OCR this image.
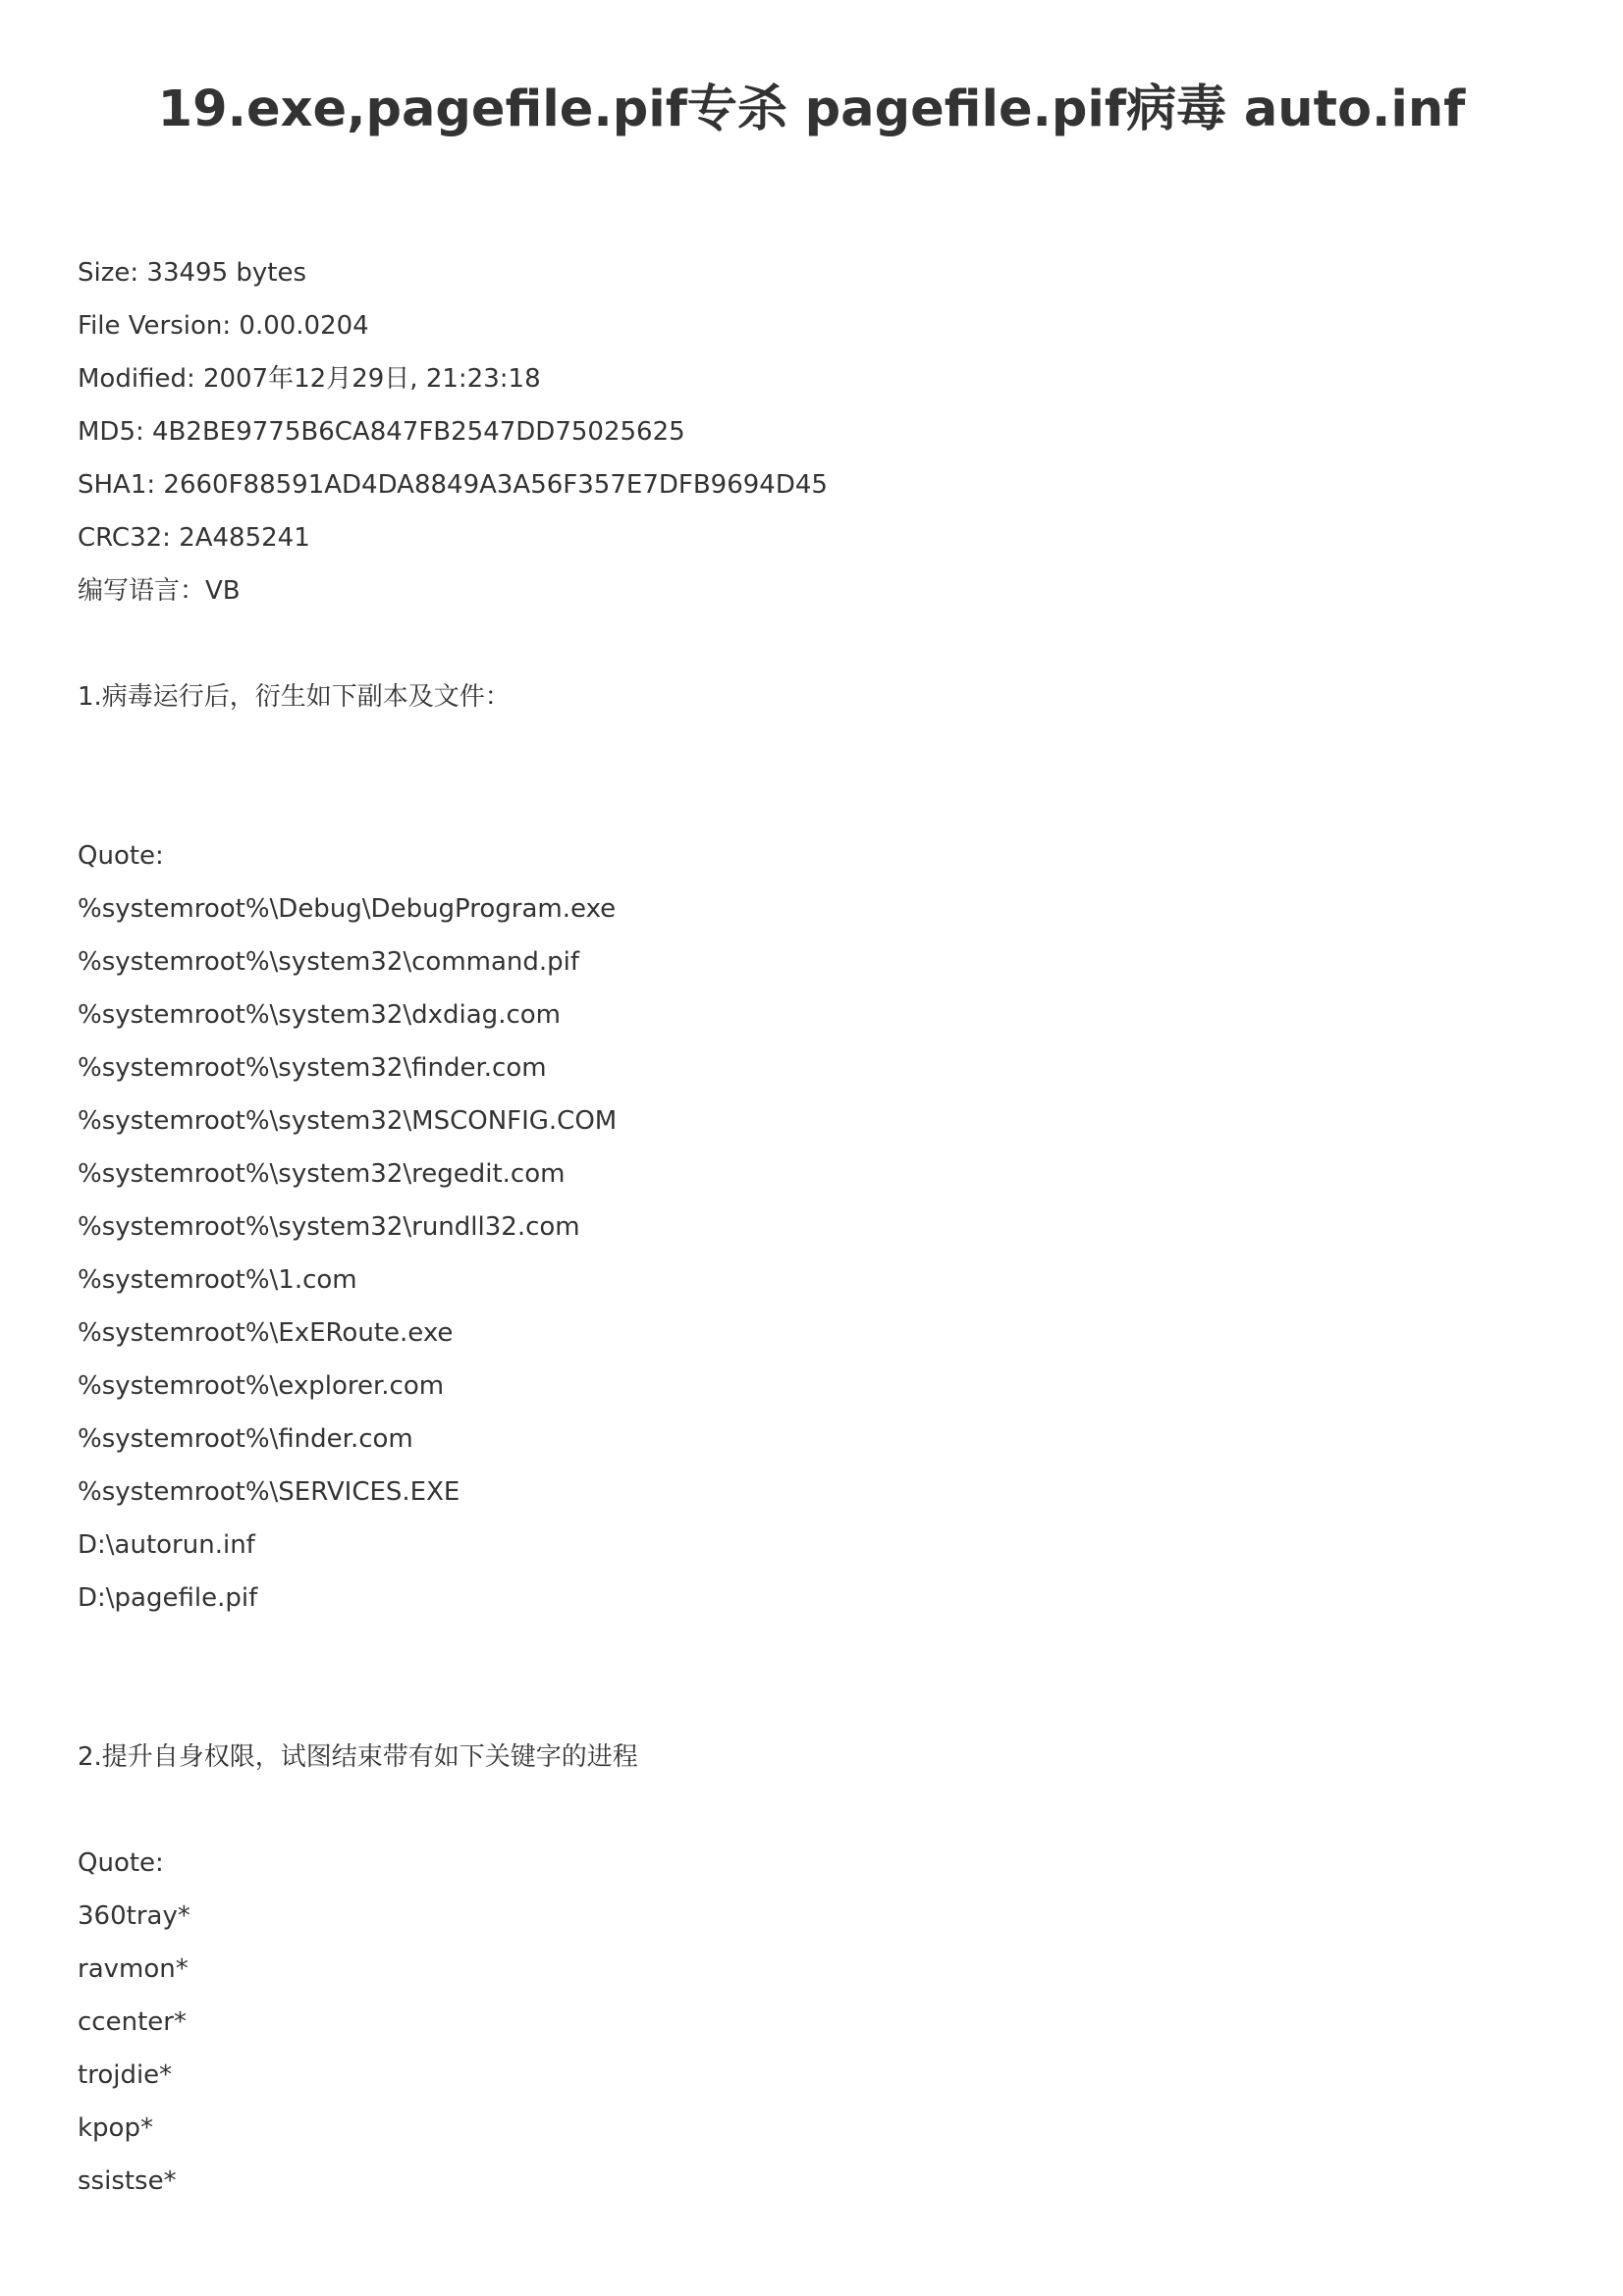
19.exe,pagefile.pif专杀 pagefile.pif病毒 auto.inf
Size: 33495 bytes
File Version: 0.00.0204
Modified: 2007年12月29日, 21:23:18
MD5: 4B2BE9775B6CA847FB2547DD75025625
SHA1: 2660F88591AD4DA8849A3A56F357E7DFB9694D45
CRC32: 2A485241
编写语言：VB
1.病毒运行后，衍生如下副本及文件：
Quote:
%systemroot%\Debug\DebugProgram.exe
%systemroot%\system32\command.pif
%systemroot%\system32\dxdiag.com
%systemroot%\system32\finder.com
%systemroot%\system32\MSCONFIG.COM
%systemroot%\system32\regedit.com
%systemroot%\system32\rundll32.com
%systemroot%\1.com
%systemroot%\ExERoute.exe
%systemroot%\explorer.com
%systemroot%\finder.com
%systemroot%\SERVICES.EXE
D:\autorun.inf
D:\pagefile.pif
2.提升自身权限，试图结束带有如下关键字的进程
Quote:
360tray*
ravmon*
ccenter*
trojdie*
kpop*
ssistse*
